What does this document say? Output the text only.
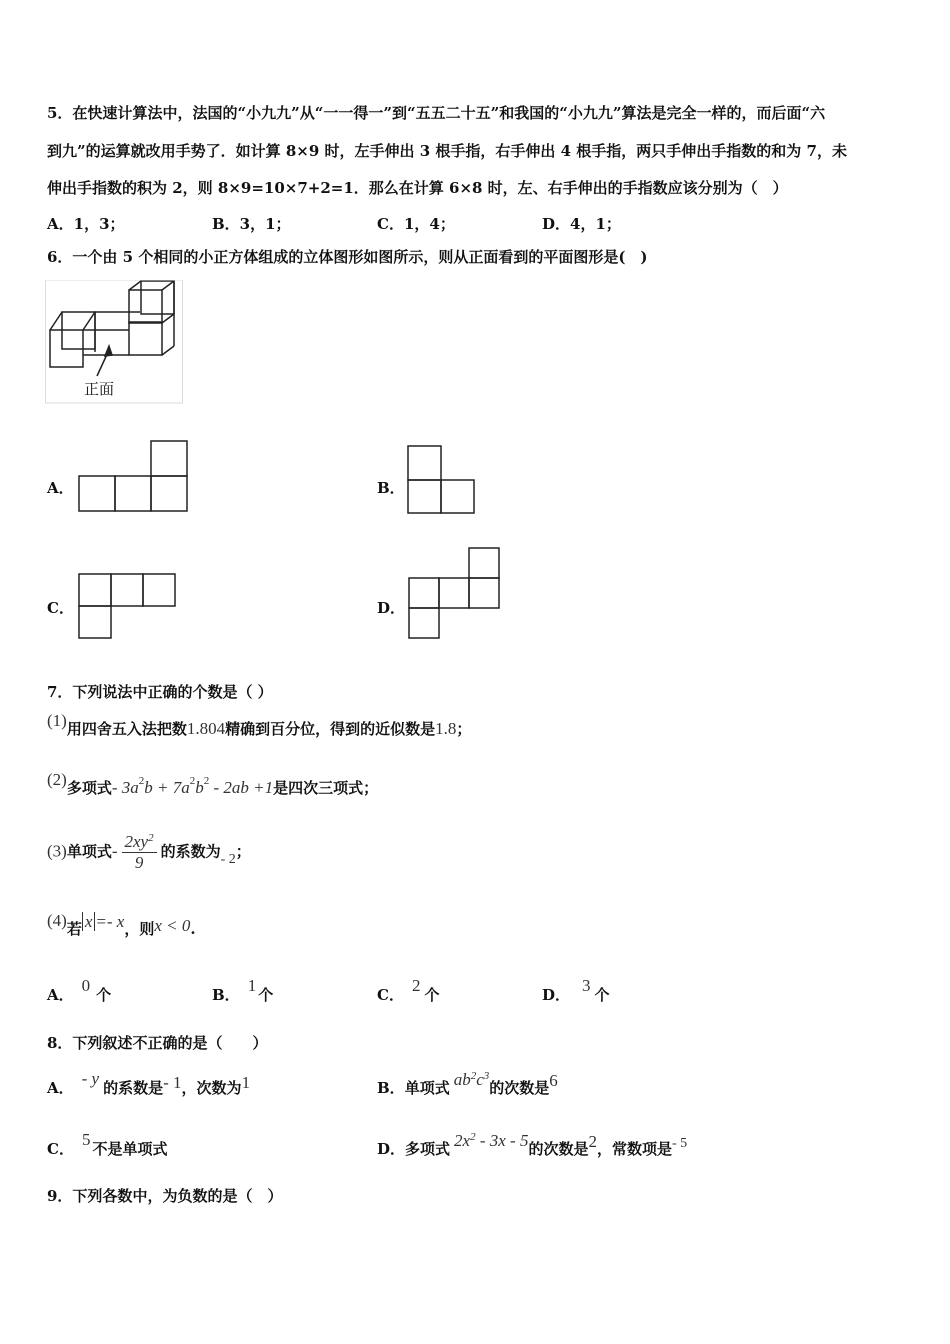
5．在快速计算法中，法国的“小九九”从“一一得一”到“五五二十五”和我国的“小九九”算法是完全一样的，而后面“六
到九”的运算就改用手势了．如计算 8×9 时，左手伸出 3 根手指，右手伸出 4 根手指，两只手伸出手指数的和为 7，未
伸出手指数的积为 2，则 8×9=10×7+2=1．那么在计算 6×8 时，左、右手伸出的手指数应该分别为（　）
A．1，3；	B．3，1；	C．1，4；	D．4，1；
6．一个由 5 个相同的小正方体组成的立体图形如图所示，则从正面看到的平面图形是(　)
正面
A．	B．
C．	D．
7．下列说法中正确的个数是（ ）
(1)用四舍五入法把数1.804精确到百分位，得到的近似数是1.8；
(2)多项式- $3a^2b + 7a^2b^2 - 2ab +1$是四次三项式；
(3)单项式- $\frac{2xy^2}{9}$ 的系数为- 2；
(4)若 x =- x，则x < 0.
A． 0 个	B． 1 个	C． 2 个	D． 3 个
8．下列叙述不正确的是（　　）
A． - y 的系数是- 1，次数为1	B．单项式 $ab^2c^3$的次数是6
C． 5 不是单项式	D．多项式 $2x^2 - 3x - 5$的次数是2，常数项是- 5
9．下列各数中，为负数的是（　）
